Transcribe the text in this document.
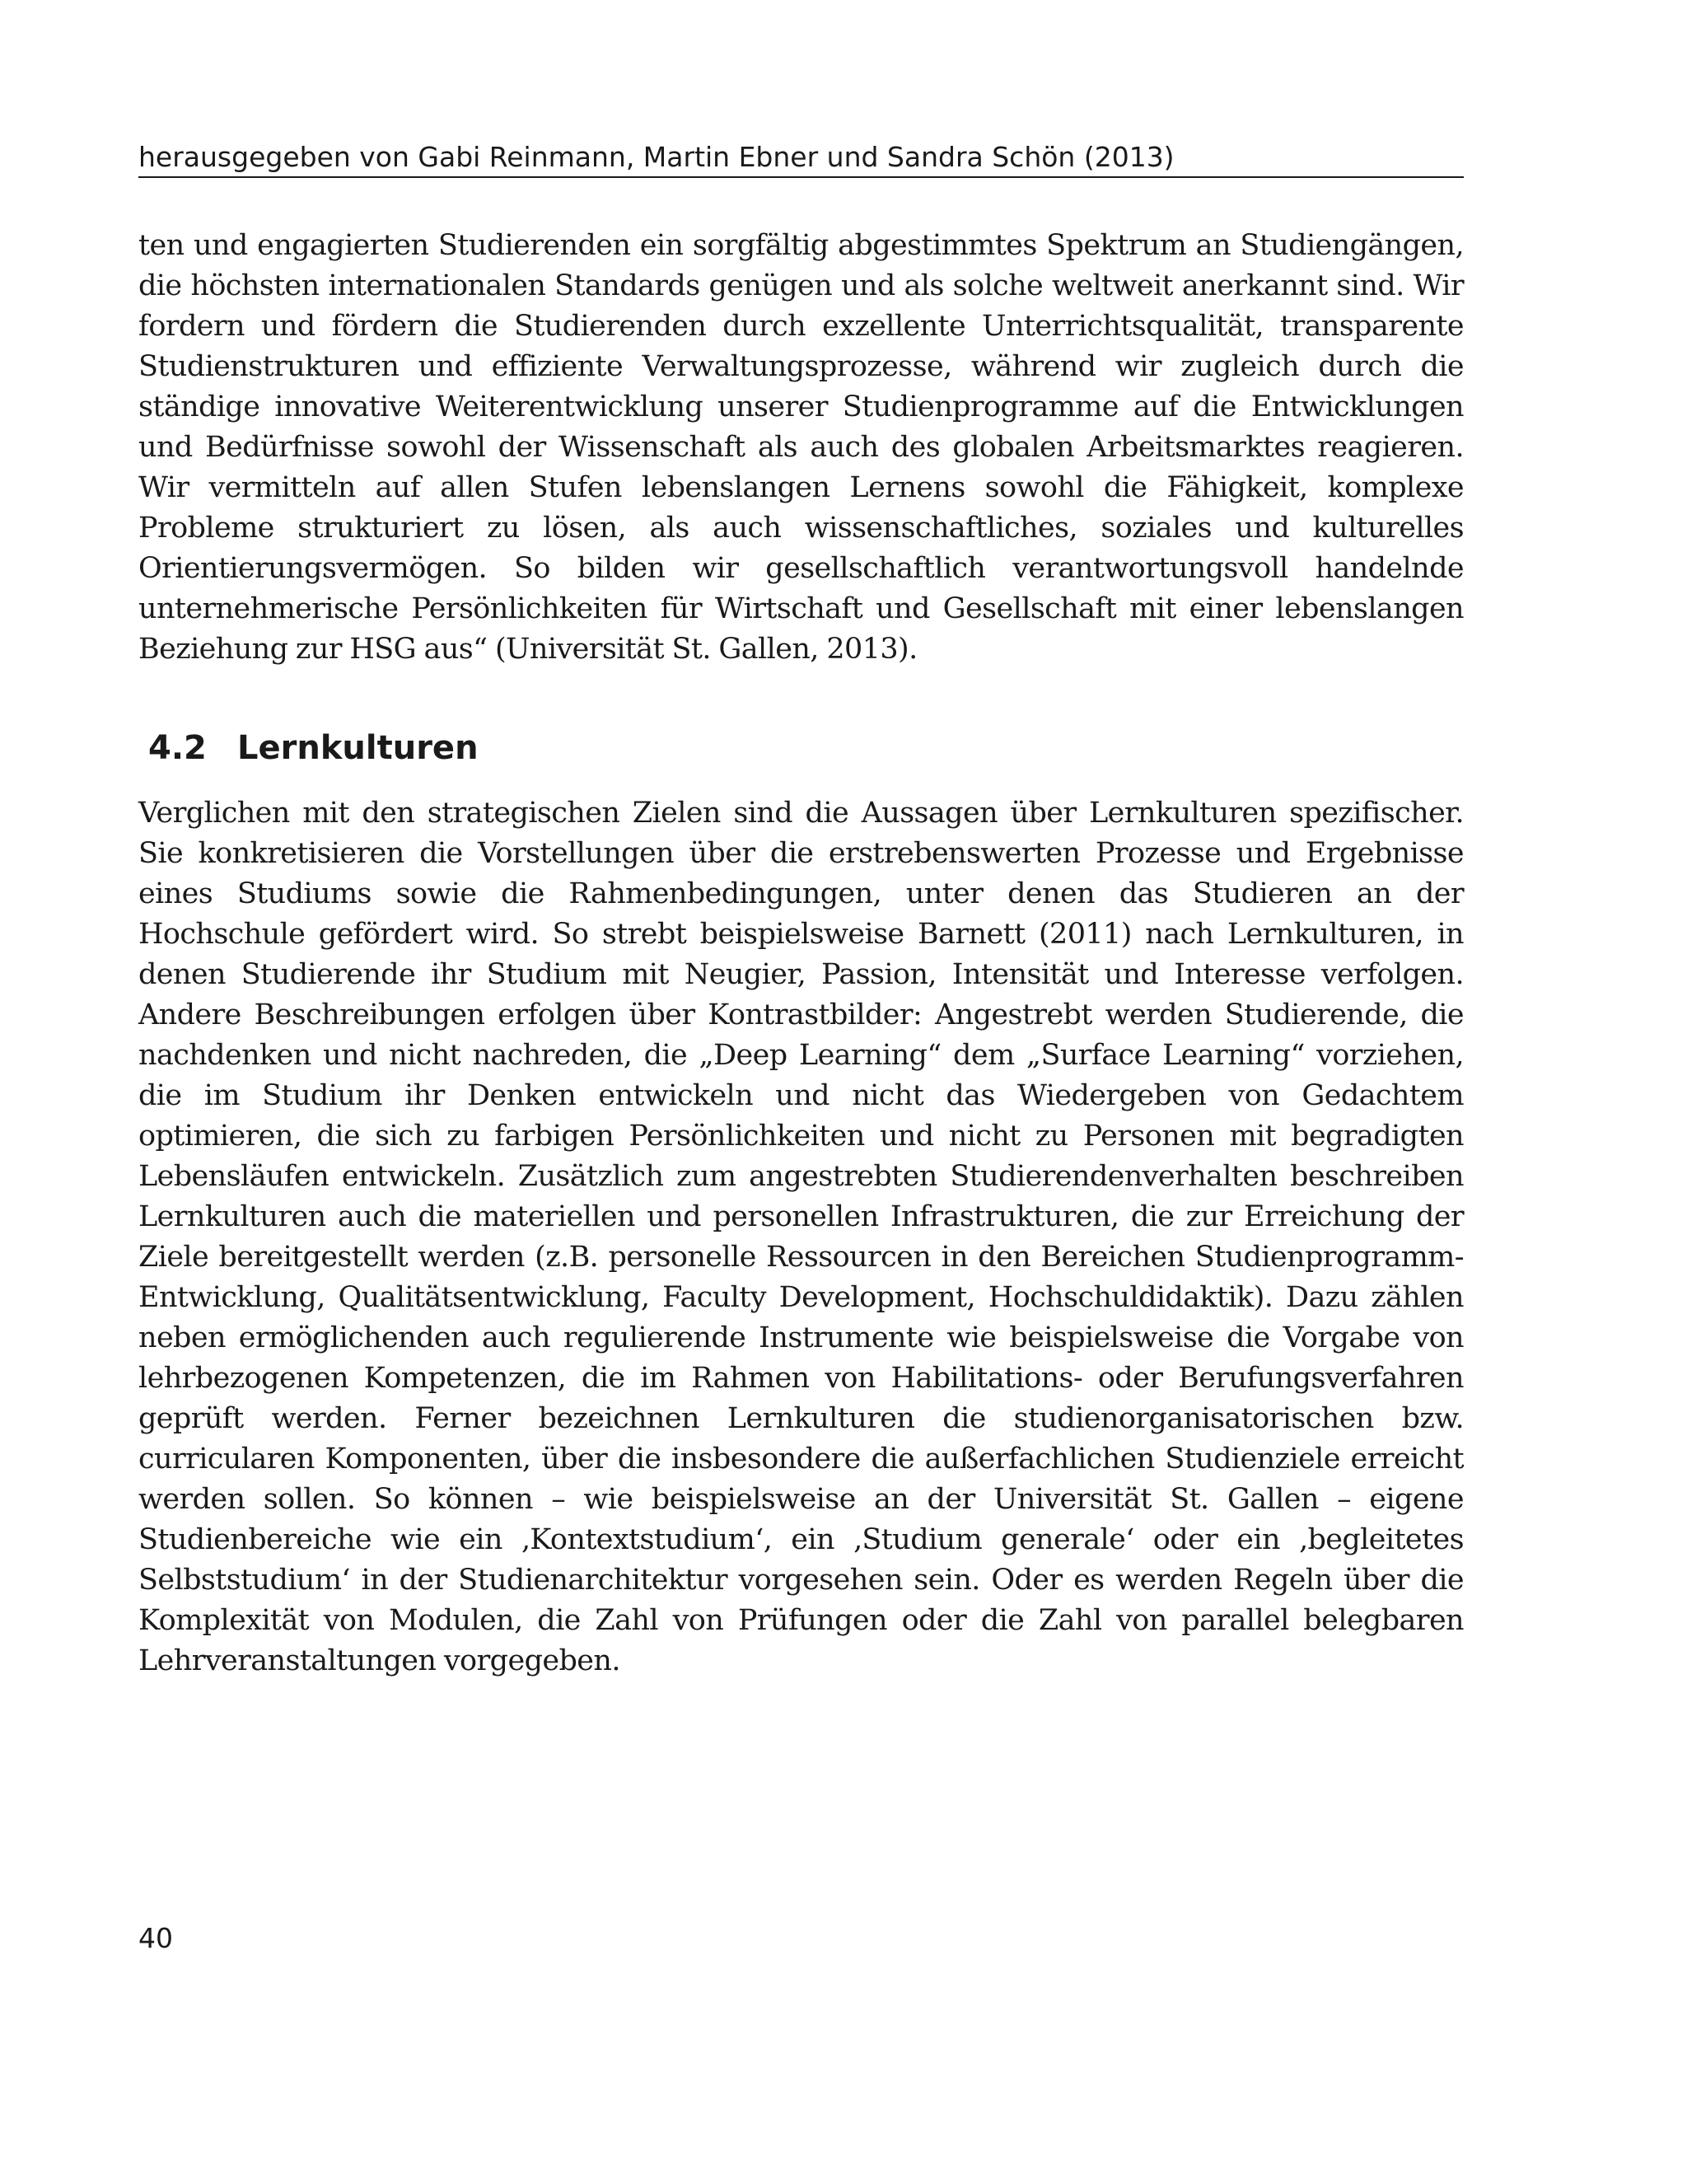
herausgegeben von Gabi Reinmann, Martin Ebner und Sandra Schön (2013)

ten und engagierten Studierenden ein sorgfältig abgestimmtes Spektrum an Studiengängen, die höchsten internationalen Standards genügen und als solche weltweit anerkannt sind. Wir fordern und fördern die Studierenden durch exzellente Unterrichtsqualität, transparente Studienstrukturen und effiziente Verwaltungsprozesse, während wir zugleich durch die ständige innovative Weiterentwicklung unserer Studienprogramme auf die Entwicklungen und Bedürfnisse sowohl der Wissenschaft als auch des globalen Arbeitsmarktes reagieren. Wir vermitteln auf allen Stufen lebenslangen Lernens sowohl die Fähigkeit, komplexe Probleme strukturiert zu lösen, als auch wissenschaftliches, soziales und kulturelles Orientierungsvermögen. So bilden wir gesellschaftlich verantwortungsvoll handelnde unternehmerische Persönlichkeiten für Wirtschaft und Gesellschaft mit einer lebenslangen Beziehung zur HSG aus“ (Universität St. Gallen, 2013).

4.2 Lernkulturen

Verglichen mit den strategischen Zielen sind die Aussagen über Lernkulturen spezifischer. Sie konkretisieren die Vorstellungen über die erstrebenswerten Prozesse und Ergebnisse eines Studiums sowie die Rahmenbedingungen, unter denen das Studieren an der Hochschule gefördert wird. So strebt beispielsweise Barnett (2011) nach Lernkulturen, in denen Studierende ihr Studium mit Neugier, Passion, Intensität und Interesse verfolgen. Andere Beschreibungen erfolgen über Kontrastbilder: Angestrebt werden Studierende, die nachdenken und nicht nachreden, die „Deep Learning“ dem „Surface Learning“ vorziehen, die im Studium ihr Denken entwickeln und nicht das Wiedergeben von Gedachtem optimieren, die sich zu farbigen Persönlichkeiten und nicht zu Personen mit begradigten Lebensläufen entwickeln. Zusätzlich zum angestrebten Studierendenverhalten beschreiben Lernkulturen auch die materiellen und personellen Infrastrukturen, die zur Erreichung der Ziele bereitgestellt werden (z.B. personelle Ressourcen in den Bereichen Studienprogramm-Entwicklung, Qualitätsentwicklung, Faculty Development, Hochschuldidaktik). Dazu zählen neben ermöglichenden auch regulierende Instrumente wie beispielsweise die Vorgabe von lehrbezogenen Kompetenzen, die im Rahmen von Habilitations- oder Berufungsverfahren geprüft werden. Ferner bezeichnen Lernkulturen die studienorganisatorischen bzw. curricularen Komponenten, über die insbesondere die außerfachlichen Studienziele erreicht werden sollen. So können – wie beispielsweise an der Universität St. Gallen – eigene Studienbereiche wie ein ‚Kontextstudium‘, ein ‚Studium generale‘ oder ein ‚begleitetes Selbststudium‘ in der Studienarchitektur vorgesehen sein. Oder es werden Regeln über die Komplexität von Modulen, die Zahl von Prüfungen oder die Zahl von parallel belegbaren Lehrveranstaltungen vorgegeben.

40
